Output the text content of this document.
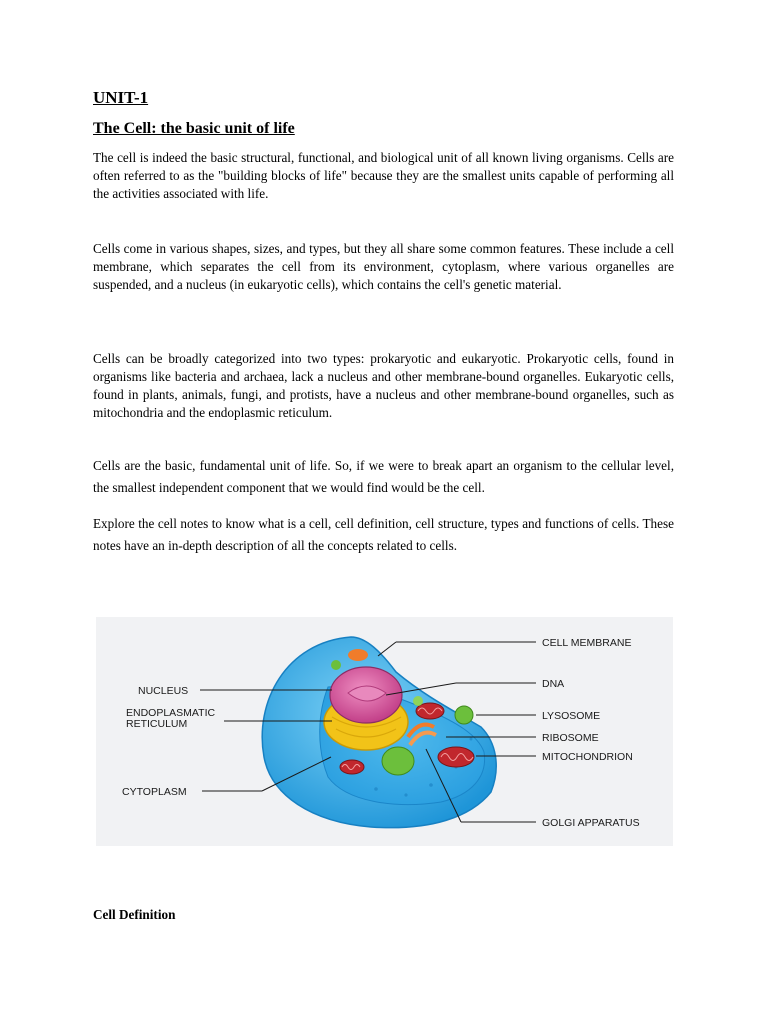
UNIT-1
The Cell: the basic unit of life

The cell is indeed the basic structural, functional, and biological unit of all known living organisms. Cells are often referred to as the "building blocks of life" because they are the smallest units capable of performing all the activities associated with life.

Cells come in various shapes, sizes, and types, but they all share some common features. These include a cell membrane, which separates the cell from its environment, cytoplasm, where various organelles are suspended, and a nucleus (in eukaryotic cells), which contains the cell's genetic material.

Cells can be broadly categorized into two types: prokaryotic and eukaryotic. Prokaryotic cells, found in organisms like bacteria and archaea, lack a nucleus and other membrane-bound organelles. Eukaryotic cells, found in plants, animals, fungi, and protists, have a nucleus and other membrane-bound organelles, such as mitochondria and the endoplasmic reticulum.

Cells are the basic, fundamental unit of life. So, if we were to break apart an organism to the cellular level, the smallest independent component that we would find would be the cell.

Explore the cell notes to know what is a cell, cell definition, cell structure, types and functions of cells. These notes have an in-depth description of all the concepts related to cells.

CELL MEMBRANE
DNA
LYSOSOME
RIBOSOME
MITOCHONDRION
GOLGI APPARATUS
NUCLEUS
ENDOPLASMATIC
RETICULUM
CYTOPLASM
Cell Definition
